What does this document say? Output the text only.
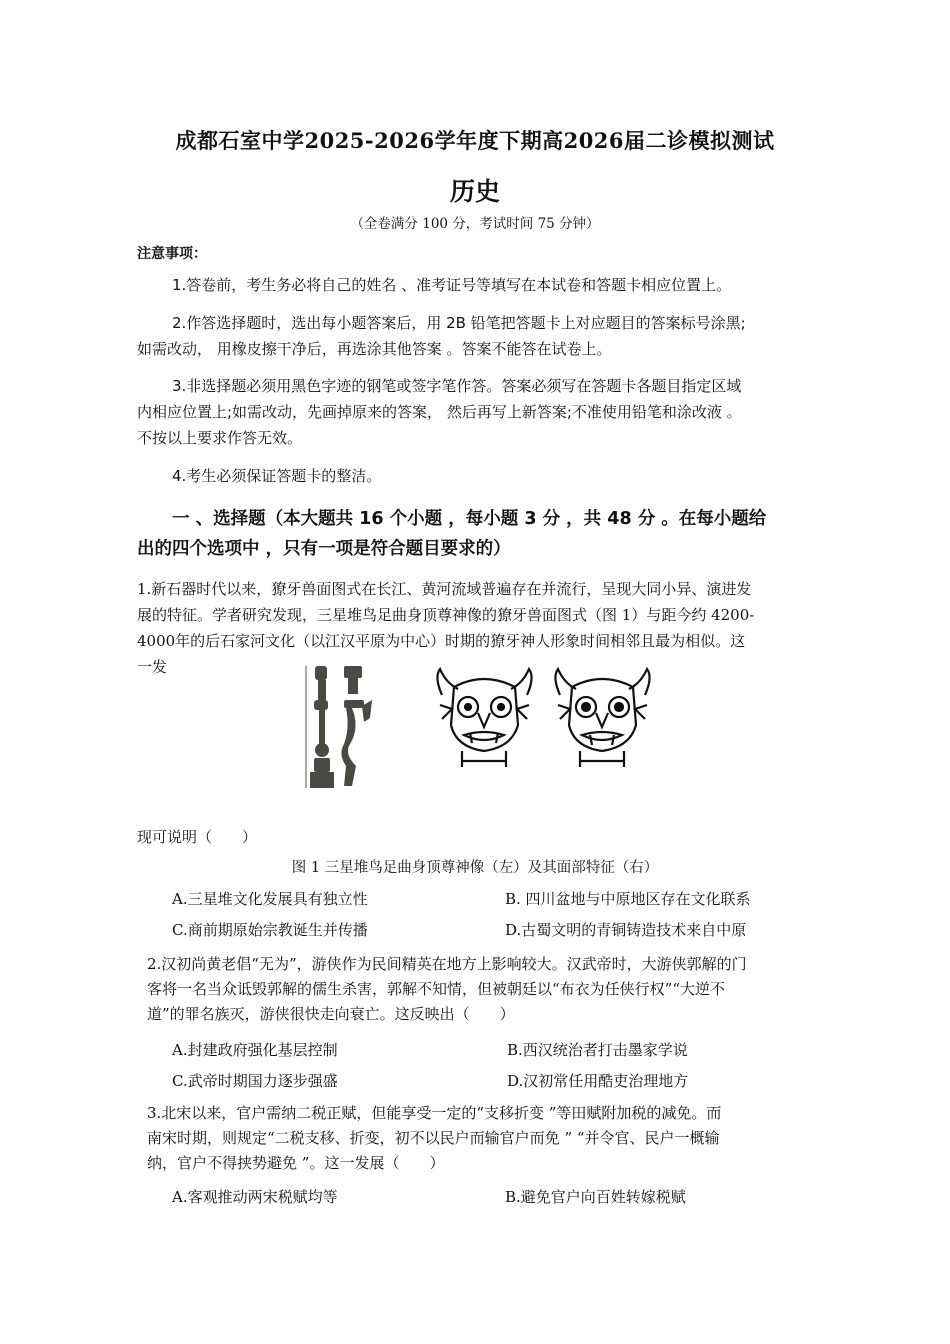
成都石室中学2025-2026学年度下期高2026届二诊模拟测试
历史
（全卷满分 100 分，考试时间 75 分钟）
注意事项：
1.答卷前，考生务必将自己的姓名 、准考证号等填写在本试卷和答题卡相应位置上。
2.作答选择题时，选出每小题答案后，用 2B 铅笔把答题卡上对应题目的答案标号涂黑;
如需改动， 用橡皮擦干净后，再选涂其他答案 。答案不能答在试卷上。
3.非选择题必须用黑色字迹的钢笔或签字笔作答。答案必须写在答题卡各题目指定区域
内相应位置上;如需改动，先画掉原来的答案， 然后再写上新答案;不准使用铅笔和涂改液 。
不按以上要求作答无效。
4.考生必须保证答题卡的整洁。
一 、选择题（本大题共 16 个小题 ，每小题 3 分 ，共 48 分 。在每小题给
出的四个选项中 ，只有一项是符合题目要求的）
1.新石器时代以来，獠牙兽面图式在长江、黄河流域普遍存在并流行，呈现大同小异、演进发
展的特征。学者研究发现，三星堆鸟足曲身顶尊神像的獠牙兽面图式（图 1）与距今约 4200-
4000年的后石家河文化（以江汉平原为中心）时期的獠牙神人形象时间相邻且最为相似。这
一发
现可说明（　　）
图 1 三星堆鸟足曲身顶尊神像（左）及其面部特征（右）
A.三星堆文化发展具有独立性	B. 四川盆地与中原地区存在文化联系
C.商前期原始宗教诞生并传播	D.古蜀文明的青铜铸造技术来自中原
2.汉初尚黄老倡“无为”，游侠作为民间精英在地方上影响较大。汉武帝时，大游侠郭解的门
客将一名当众诋毁郭解的儒生杀害，郭解不知情，但被朝廷以“布衣为任侠行权”“大逆不
道”的罪名族灭，游侠很快走向衰亡。这反映出（　　）
A.封建政府强化基层控制	B.西汉统治者打击墨家学说
C.武帝时期国力逐步强盛	D.汉初常任用酷吏治理地方
3.北宋以来，官户需纳二税正赋，但能享受一定的“支移折变 ”等田赋附加税的减免。而
南宋时期，则规定“二税支移、折变，初不以民户而输官户而免 ” “并令官、民户一概输
纳，官户不得挟势避免 ”。这一发展（　　）
A.客观推动两宋税赋均等	B.避免官户向百姓转嫁税赋
